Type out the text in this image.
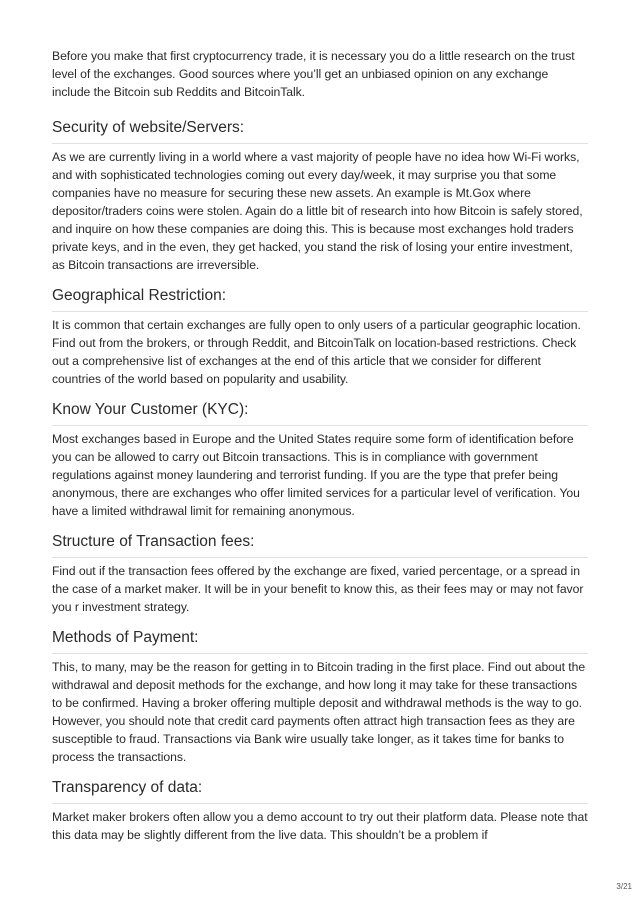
Before you make that first cryptocurrency trade, it is necessary you do a little research on the trust level of the exchanges. Good sources where you’ll get an unbiased opinion on any exchange include the Bitcoin sub Reddits and BitcoinTalk.

Security of website/Servers:

As we are currently living in a world where a vast majority of people have no idea how Wi-Fi works, and with sophisticated technologies coming out every day/week, it may surprise you that some companies have no measure for securing these new assets. An example is Mt.Gox where depositor/traders coins were stolen. Again do a little bit of research into how Bitcoin is safely stored, and inquire on how these companies are doing this. This is because most exchanges hold traders private keys, and in the even, they get hacked, you stand the risk of losing your entire investment, as Bitcoin transactions are irreversible.

Geographical Restriction:

It is common that certain exchanges are fully open to only users of a particular geographic location. Find out from the brokers, or through Reddit, and BitcoinTalk on location-based restrictions. Check out a comprehensive list of exchanges at the end of this article that we consider for different countries of the world based on popularity and usability.

Know Your Customer (KYC):

Most exchanges based in Europe and the United States require some form of identification before you can be allowed to carry out Bitcoin transactions. This is in compliance with government regulations against money laundering and terrorist funding. If you are the type that prefer being anonymous, there are exchanges who offer limited services for a particular level of verification. You have a limited withdrawal limit for remaining anonymous.

Structure of Transaction fees:

Find out if the transaction fees offered by the exchange are fixed, varied percentage, or a spread in the case of a market maker. It will be in your benefit to know this, as their fees may or may not favor you r investment strategy.

Methods of Payment:

This, to many, may be the reason for getting in to Bitcoin trading in the first place. Find out about the withdrawal and deposit methods for the exchange, and how long it may take for these transactions to be confirmed. Having a broker offering multiple deposit and withdrawal methods is the way to go. However, you should note that credit card payments often attract high transaction fees as they are susceptible to fraud. Transactions via Bank wire usually take longer, as it takes time for banks to process the transactions.

Transparency of data:

Market maker brokers often allow you a demo account to try out their platform data. Please note that this data may be slightly different from the live data. This shouldn’t be a problem if

3/21
